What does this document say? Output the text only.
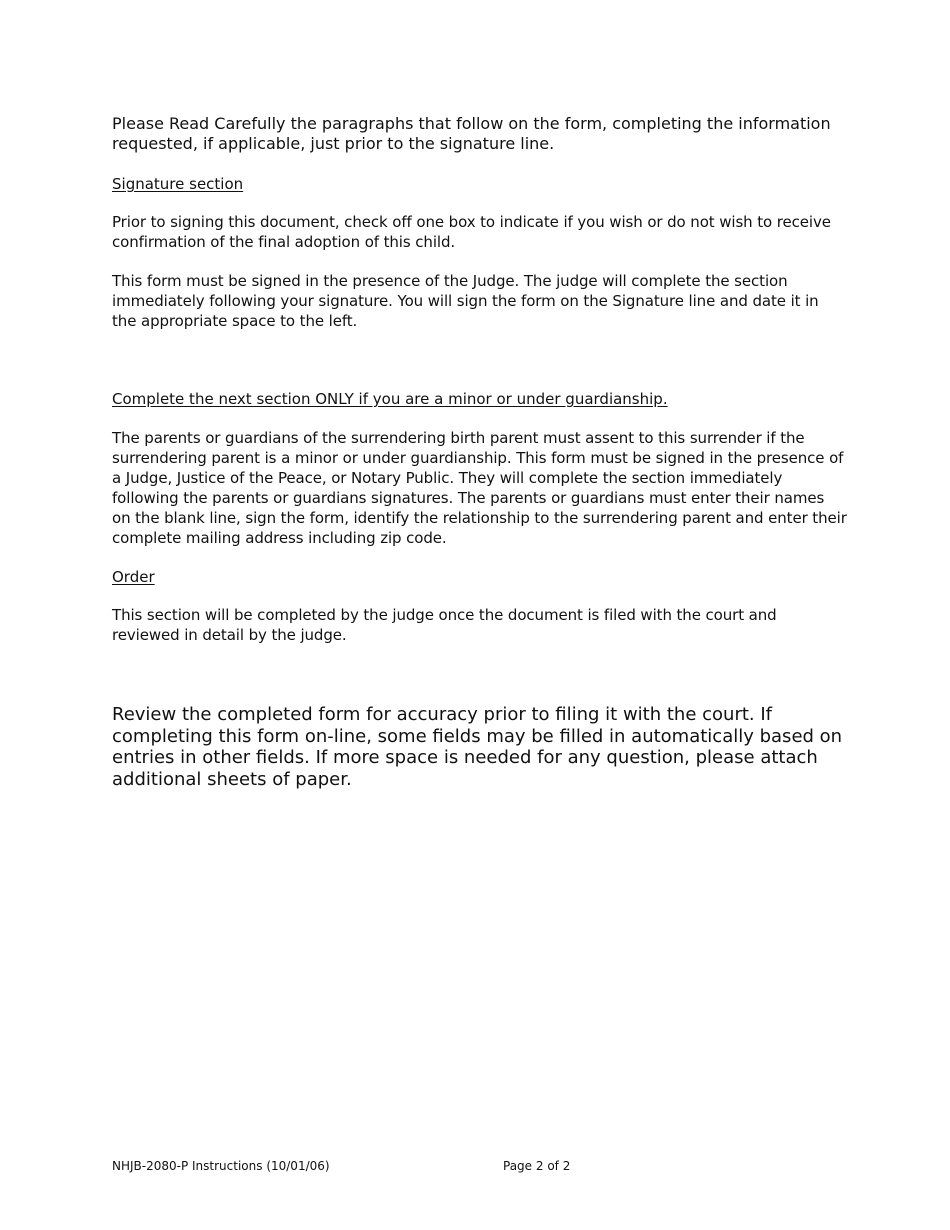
Please Read Carefully the paragraphs that follow on the form, completing the information requested, if applicable, just prior to the signature line.

Signature section

Prior to signing this document, check off one box to indicate if you wish or do not wish to receive confirmation of the final adoption of this child.

This form must be signed in the presence of the Judge. The judge will complete the section immediately following your signature. You will sign the form on the Signature line and date it in the appropriate space to the left.

Complete the next section ONLY if you are a minor or under guardianship.

The parents or guardians of the surrendering birth parent must assent to this surrender if the surrendering parent is a minor or under guardianship. This form must be signed in the presence of a Judge, Justice of the Peace, or Notary Public. They will complete the section immediately following the parents or guardians signatures. The parents or guardians must enter their names on the blank line, sign the form, identify the relationship to the surrendering parent and enter their complete mailing address including zip code.

Order

This section will be completed by the judge once the document is filed with the court and reviewed in detail by the judge.

Review the completed form for accuracy prior to filing it with the court. If completing this form on-line, some fields may be filled in automatically based on entries in other fields. If more space is needed for any question, please attach additional sheets of paper.

NHJB-2080-P Instructions (10/01/06)	Page 2 of 2
